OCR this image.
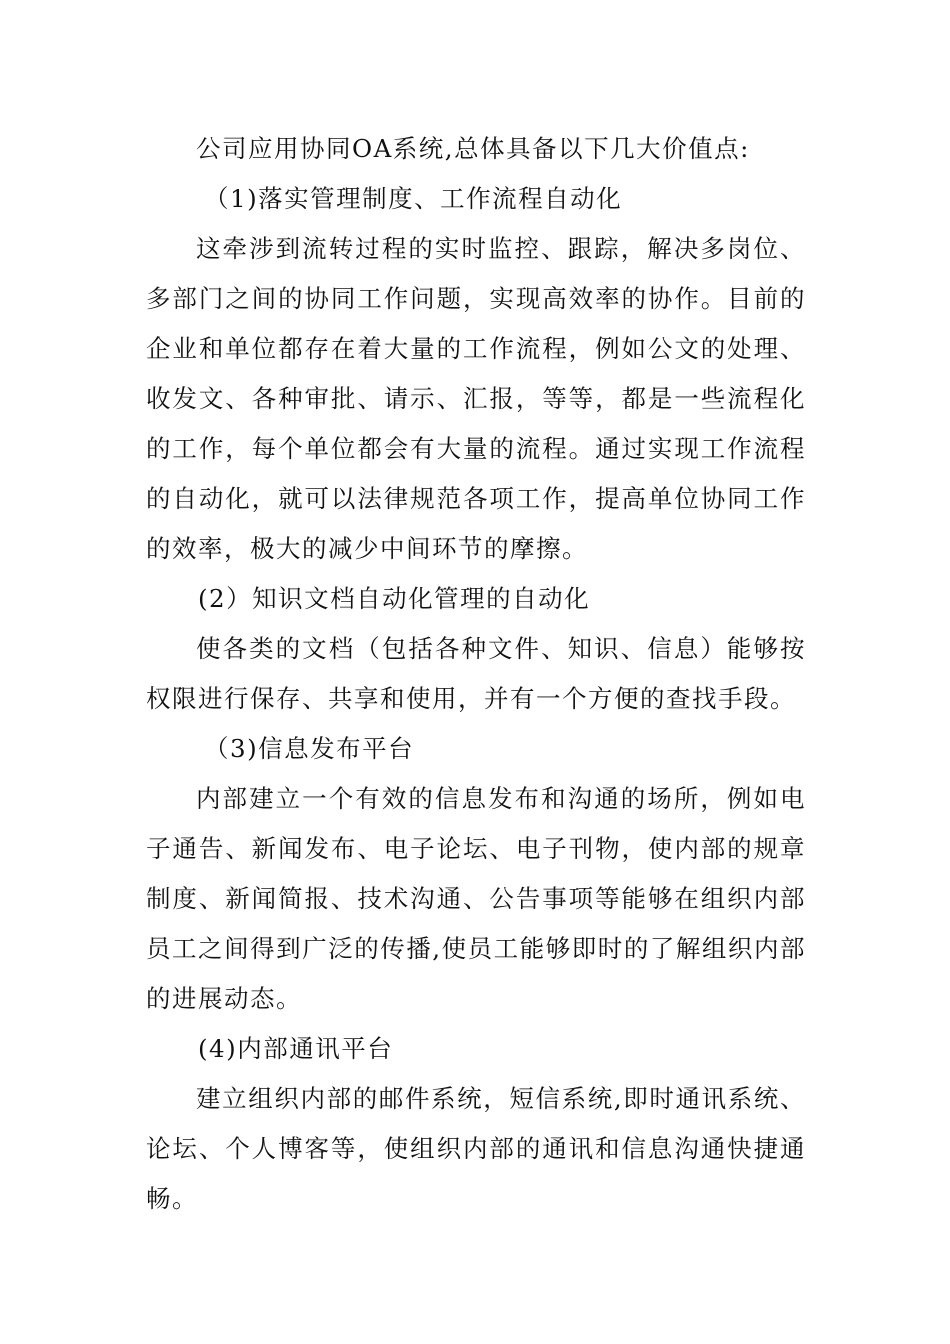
公司应用协同OA系统,总体具备以下几大价值点:

（1)落实管理制度、工作流程自动化

这牵涉到流转过程的实时监控、跟踪，解决多岗位、多部门之间的协同工作问题，实现高效率的协作。目前的企业和单位都存在着大量的工作流程，例如公文的处理、收发文、各种审批、请示、汇报，等等，都是一些流程化的工作，每个单位都会有大量的流程。通过实现工作流程的自动化，就可以法律规范各项工作，提高单位协同工作的效率，极大的减少中间环节的摩擦。

(2）知识文档自动化管理的自动化

使各类的文档（包括各种文件、知识、信息）能够按权限进行保存、共享和使用，并有一个方便的查找手段。

（3)信息发布平台

内部建立一个有效的信息发布和沟通的场所，例如电子通告、新闻发布、电子论坛、电子刊物，使内部的规章制度、新闻简报、技术沟通、公告事项等能够在组织内部员工之间得到广泛的传播,使员工能够即时的了解组织内部的进展动态。

(4)内部通讯平台

建立组织内部的邮件系统，短信系统,即时通讯系统、论坛、个人博客等，使组织内部的通讯和信息沟通快捷通畅。
